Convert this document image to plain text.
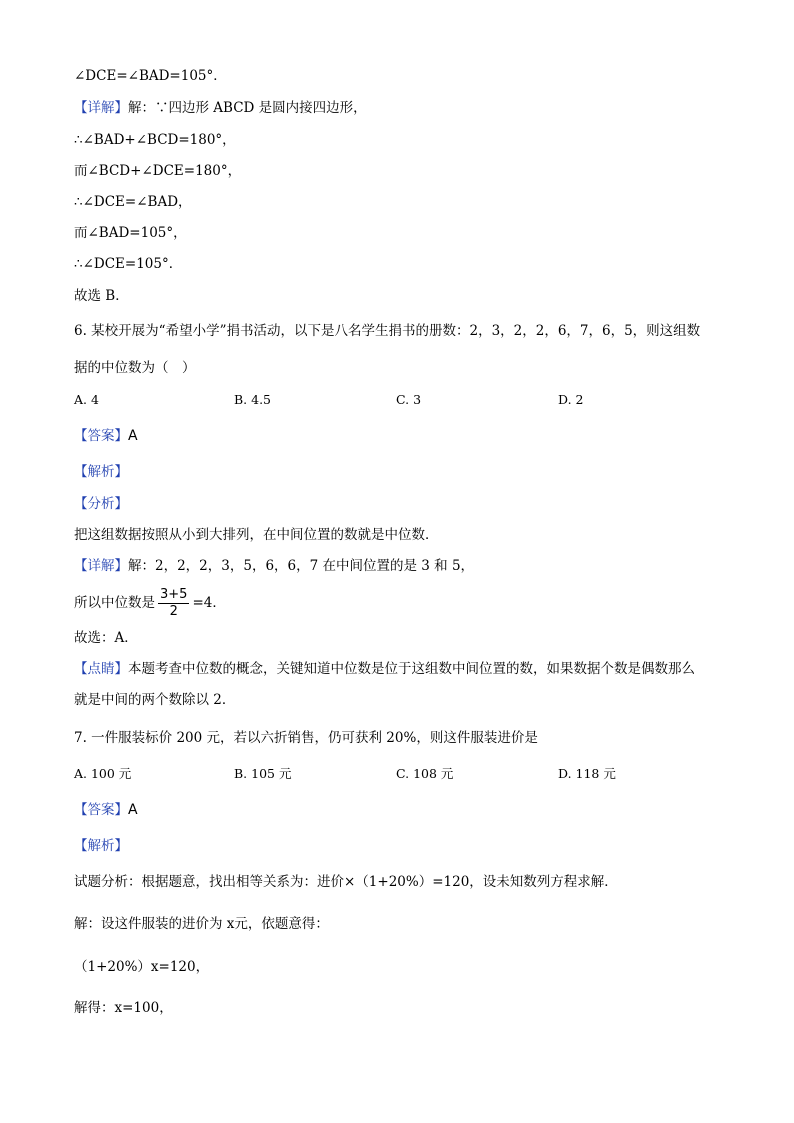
∠DCE=∠BAD=105°．
【详解】解：∵四边形 ABCD 是圆内接四边形，
∴∠BAD+∠BCD=180°，
而∠BCD+∠DCE=180°，
∴∠DCE=∠BAD，
而∠BAD=105°，
∴∠DCE=105°．
故选 B．
6. 某校开展为“希望小学”捐书活动，以下是八名学生捐书的册数：2，3，2，2，6，7，6，5，则这组数
据的中位数为（　）
A. 4	B. 4.5	C. 3	D. 2
【答案】A
【解析】
【分析】
把这组数据按照从小到大排列，在中间位置的数就是中位数．
【详解】解：2，2，2，3，5，6，6，7 在中间位置的是 3 和 5，
所以中位数是 $\frac{3+5}{2} =4$．
故选：A．
【点睛】本题考查中位数的概念，关键知道中位数是位于这组数中间位置的数，如果数据个数是偶数那么
就是中间的两个数除以 2．
7. 一件服装标价 200 元，若以六折销售，仍可获利 20%，则这件服装进价是
A. 100 元	B. 105 元	C. 108 元	D. 118 元
【答案】A
【解析】
试题分析：根据题意，找出相等关系为：进价×（1+20%）=120，设未知数列方程求解．
解：设这件服装的进价为 x元，依题意得：
（1+20%）x=120，
解得：x=100，
